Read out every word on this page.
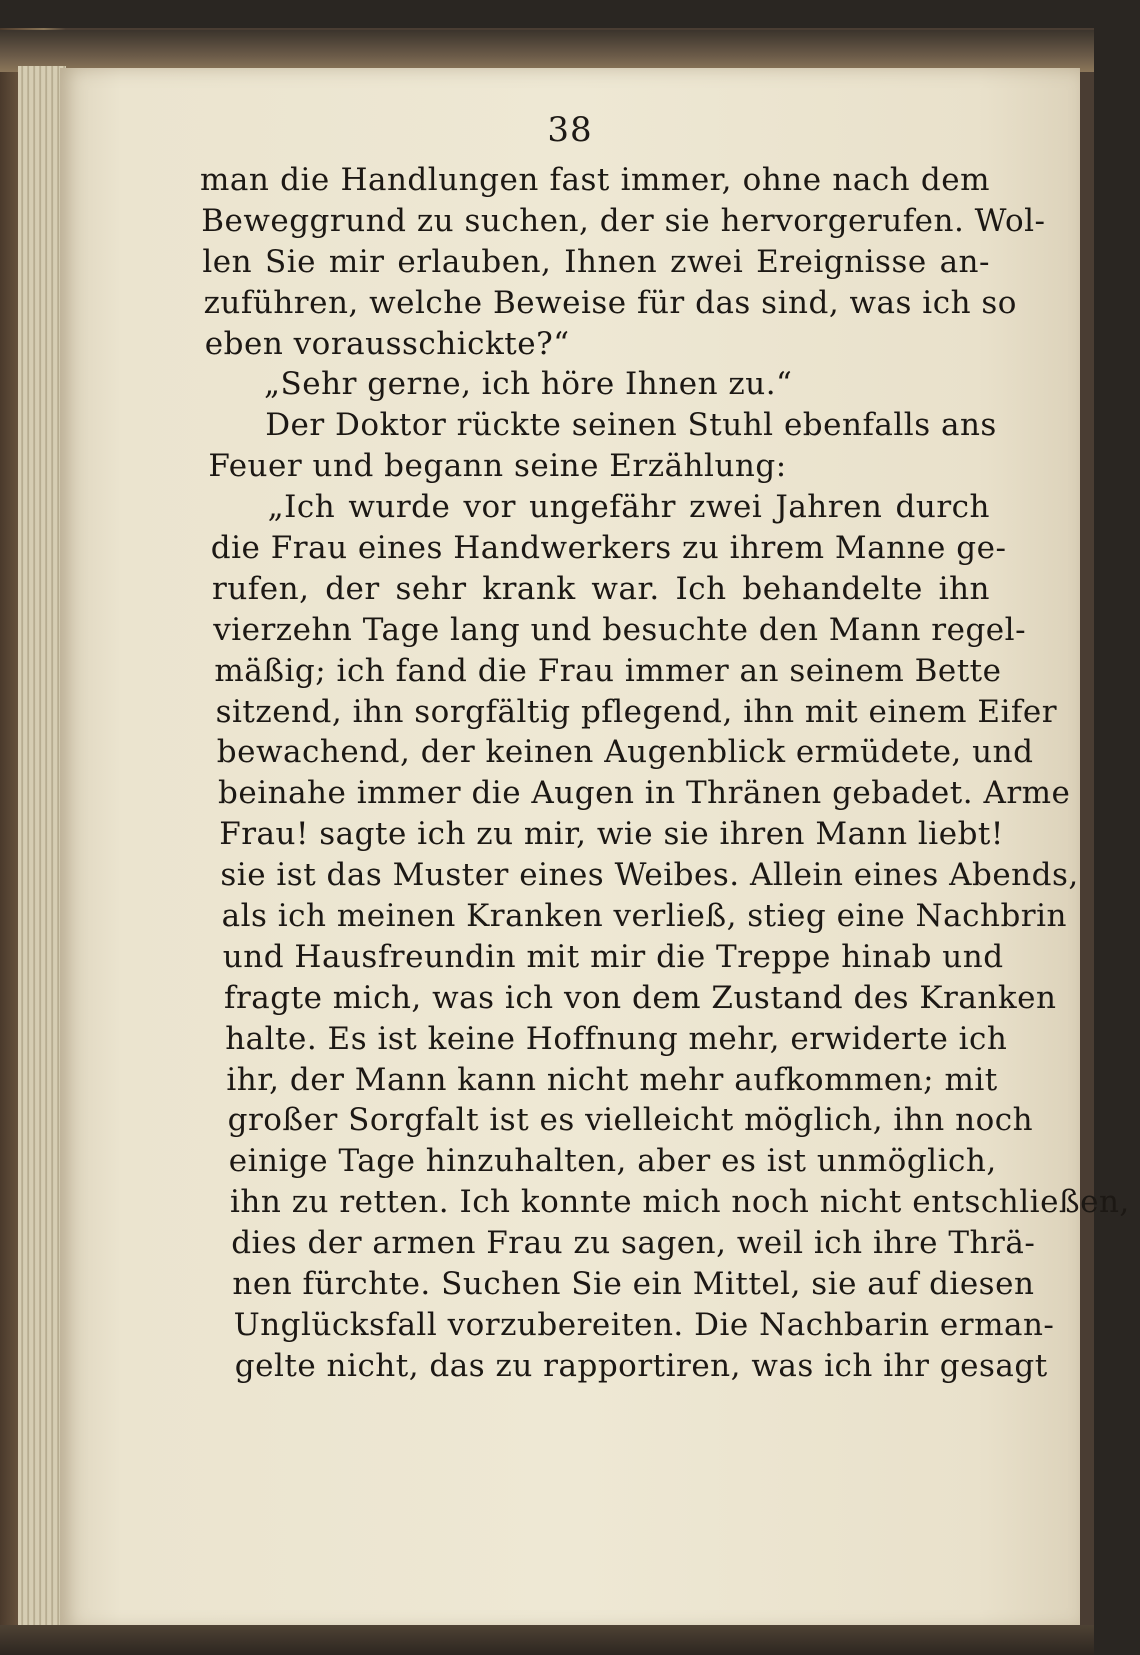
38
man die Handlungen fast immer, ohne nach dem
Beweggrund zu suchen, der sie hervorgerufen. Wol-
len Sie mir erlauben, Ihnen zwei Ereignisse an-
zuführen, welche Beweise für das sind, was ich so
eben vorausschickte?“
„Sehr gerne, ich höre Ihnen zu.“
Der Doktor rückte seinen Stuhl ebenfalls ans
Feuer und begann seine Erzählung:
„Ich wurde vor ungefähr zwei Jahren durch
die Frau eines Handwerkers zu ihrem Manne ge-
rufen, der sehr krank war. Ich behandelte ihn
vierzehn Tage lang und besuchte den Mann regel-
mäßig; ich fand die Frau immer an seinem Bette
sitzend, ihn sorgfältig pflegend, ihn mit einem Eifer
bewachend, der keinen Augenblick ermüdete, und
beinahe immer die Augen in Thränen gebadet. Arme
Frau! sagte ich zu mir, wie sie ihren Mann liebt!
sie ist das Muster eines Weibes. Allein eines Abends,
als ich meinen Kranken verließ, stieg eine Nachbrin
und Hausfreundin mit mir die Treppe hinab und
fragte mich, was ich von dem Zustand des Kranken
halte. Es ist keine Hoffnung mehr, erwiderte ich
ihr, der Mann kann nicht mehr aufkommen; mit
großer Sorgfalt ist es vielleicht möglich, ihn noch
einige Tage hinzuhalten, aber es ist unmöglich,
ihn zu retten. Ich konnte mich noch nicht entschließen,
dies der armen Frau zu sagen, weil ich ihre Thrä-
nen fürchte. Suchen Sie ein Mittel, sie auf diesen
Unglücksfall vorzubereiten. Die Nachbarin erman-
gelte nicht, das zu rapportiren, was ich ihr gesagt
